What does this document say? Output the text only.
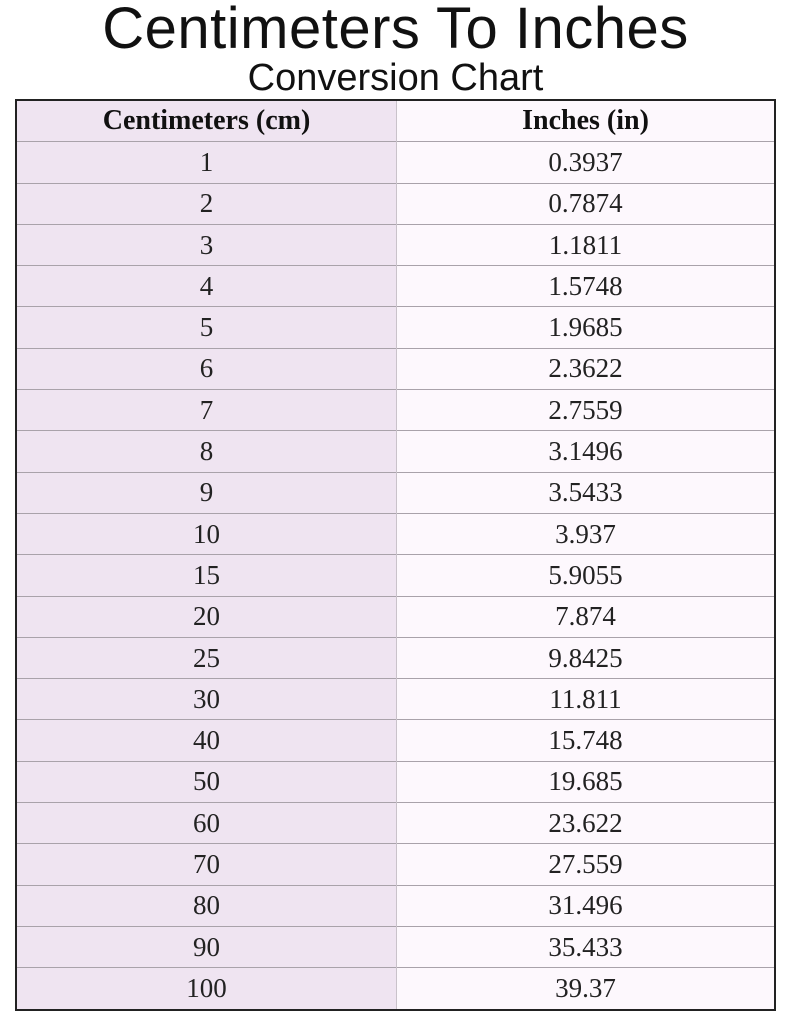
Centimeters To Inches
Conversion Chart
Centimeters (cm)	Inches (in)
1	0.3937
2	0.7874
3	1.1811
4	1.5748
5	1.9685
6	2.3622
7	2.7559
8	3.1496
9	3.5433
10	3.937
15	5.9055
20	7.874
25	9.8425
30	11.811
40	15.748
50	19.685
60	23.622
70	27.559
80	31.496
90	35.433
100	39.37
